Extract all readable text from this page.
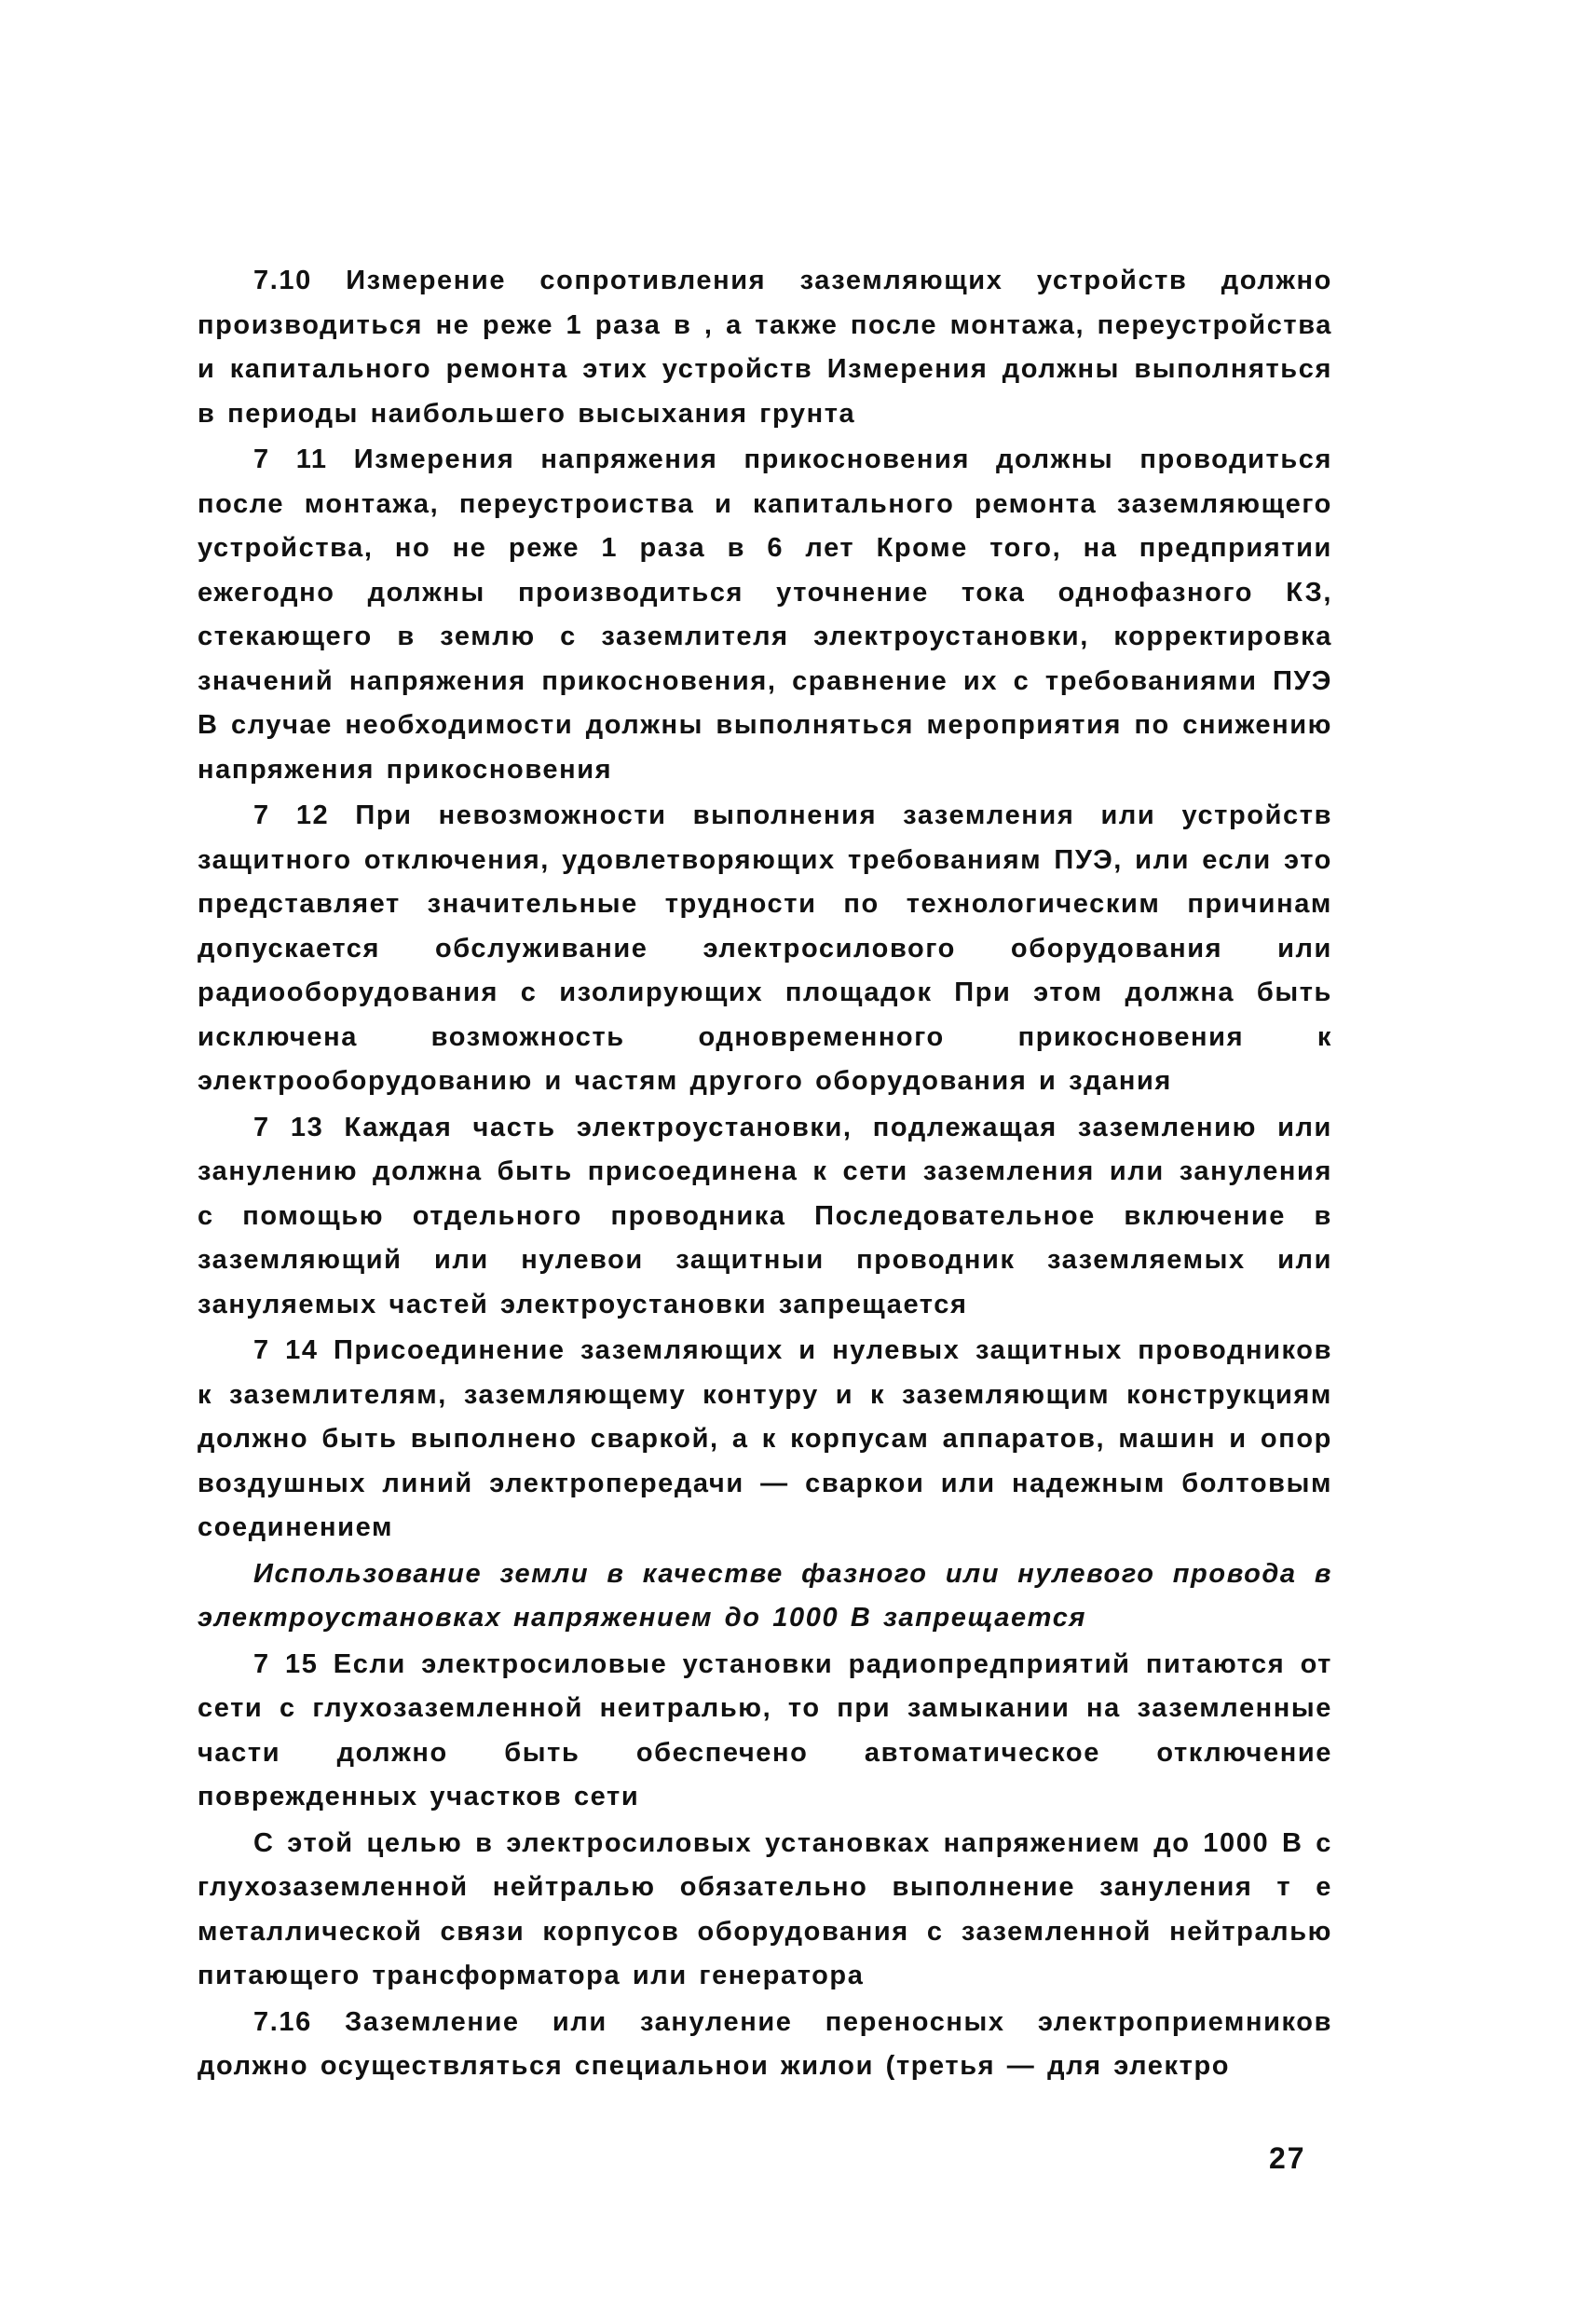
7.10 Измерение сопротивления заземляющих устройств должно производиться не реже 1 раза в , а также после монтажа, переустройства и капитального ремонта этих устройств Измерения должны выполняться в периоды наибольшего высыхания грунта

7 11 Измерения напряжения прикосновения должны проводиться после монтажа, переустроиства и капитального ремонта заземляющего устройства, но не реже 1 раза в 6 лет Кроме того, на предприятии ежегодно должны производиться уточнение тока однофазного КЗ, стекающего в землю с заземлителя электроустановки, корректировка значений напряжения прикосновения, сравнение их с требованиями ПУЭ В случае необходимости должны выполняться мероприятия по снижению напряжения прикосновения

7 12 При невозможности выполнения заземления или устройств защитного отключения, удовлетворяющих требованиям ПУЭ, или если это представляет значительные трудности по технологическим причинам допускается обслуживание электросилового оборудования или радиооборудования с изолирующих площадок При этом должна быть исключена возможность одновременного прикосновения к электрооборудованию и частям другого оборудования и здания

7 13 Каждая часть электроустановки, подлежащая заземлению или занулению должна быть присоединена к сети заземления или зануления с помощью отдельного проводника Последовательное включение в заземляющий или нулевои защитныи проводник заземляемых или зануляемых частей электроустановки запрещается

7 14 Присоединение заземляющих и нулевых защитных проводников к заземлителям, заземляющему контуру и к заземляющим конструкциям должно быть выполнено сваркой, а к корпусам аппаратов, машин и опор воздушных линий электропередачи — сваркои или надежным болтовым соединением

Использование земли в качестве фазного или нулевого провода в электроустановках напряжением до 1000 В запрещается

7 15 Если электросиловые установки радиопредприятий питаются от сети с глухозаземленной неитралью, то при замыкании на заземленные части должно быть обеспечено автоматическое отключение поврежденных участков сети

С этой целью в электросиловых установках напряжением до 1000 В с глухозаземленной нейтралью обязательно выполнение зануления т е металлической связи корпусов оборудования с заземленной нейтралью питающего трансформатора или генератора

7.16 Заземление или зануление переносных электроприемников должно осуществляться специальнои жилои (третья — для электро

27
